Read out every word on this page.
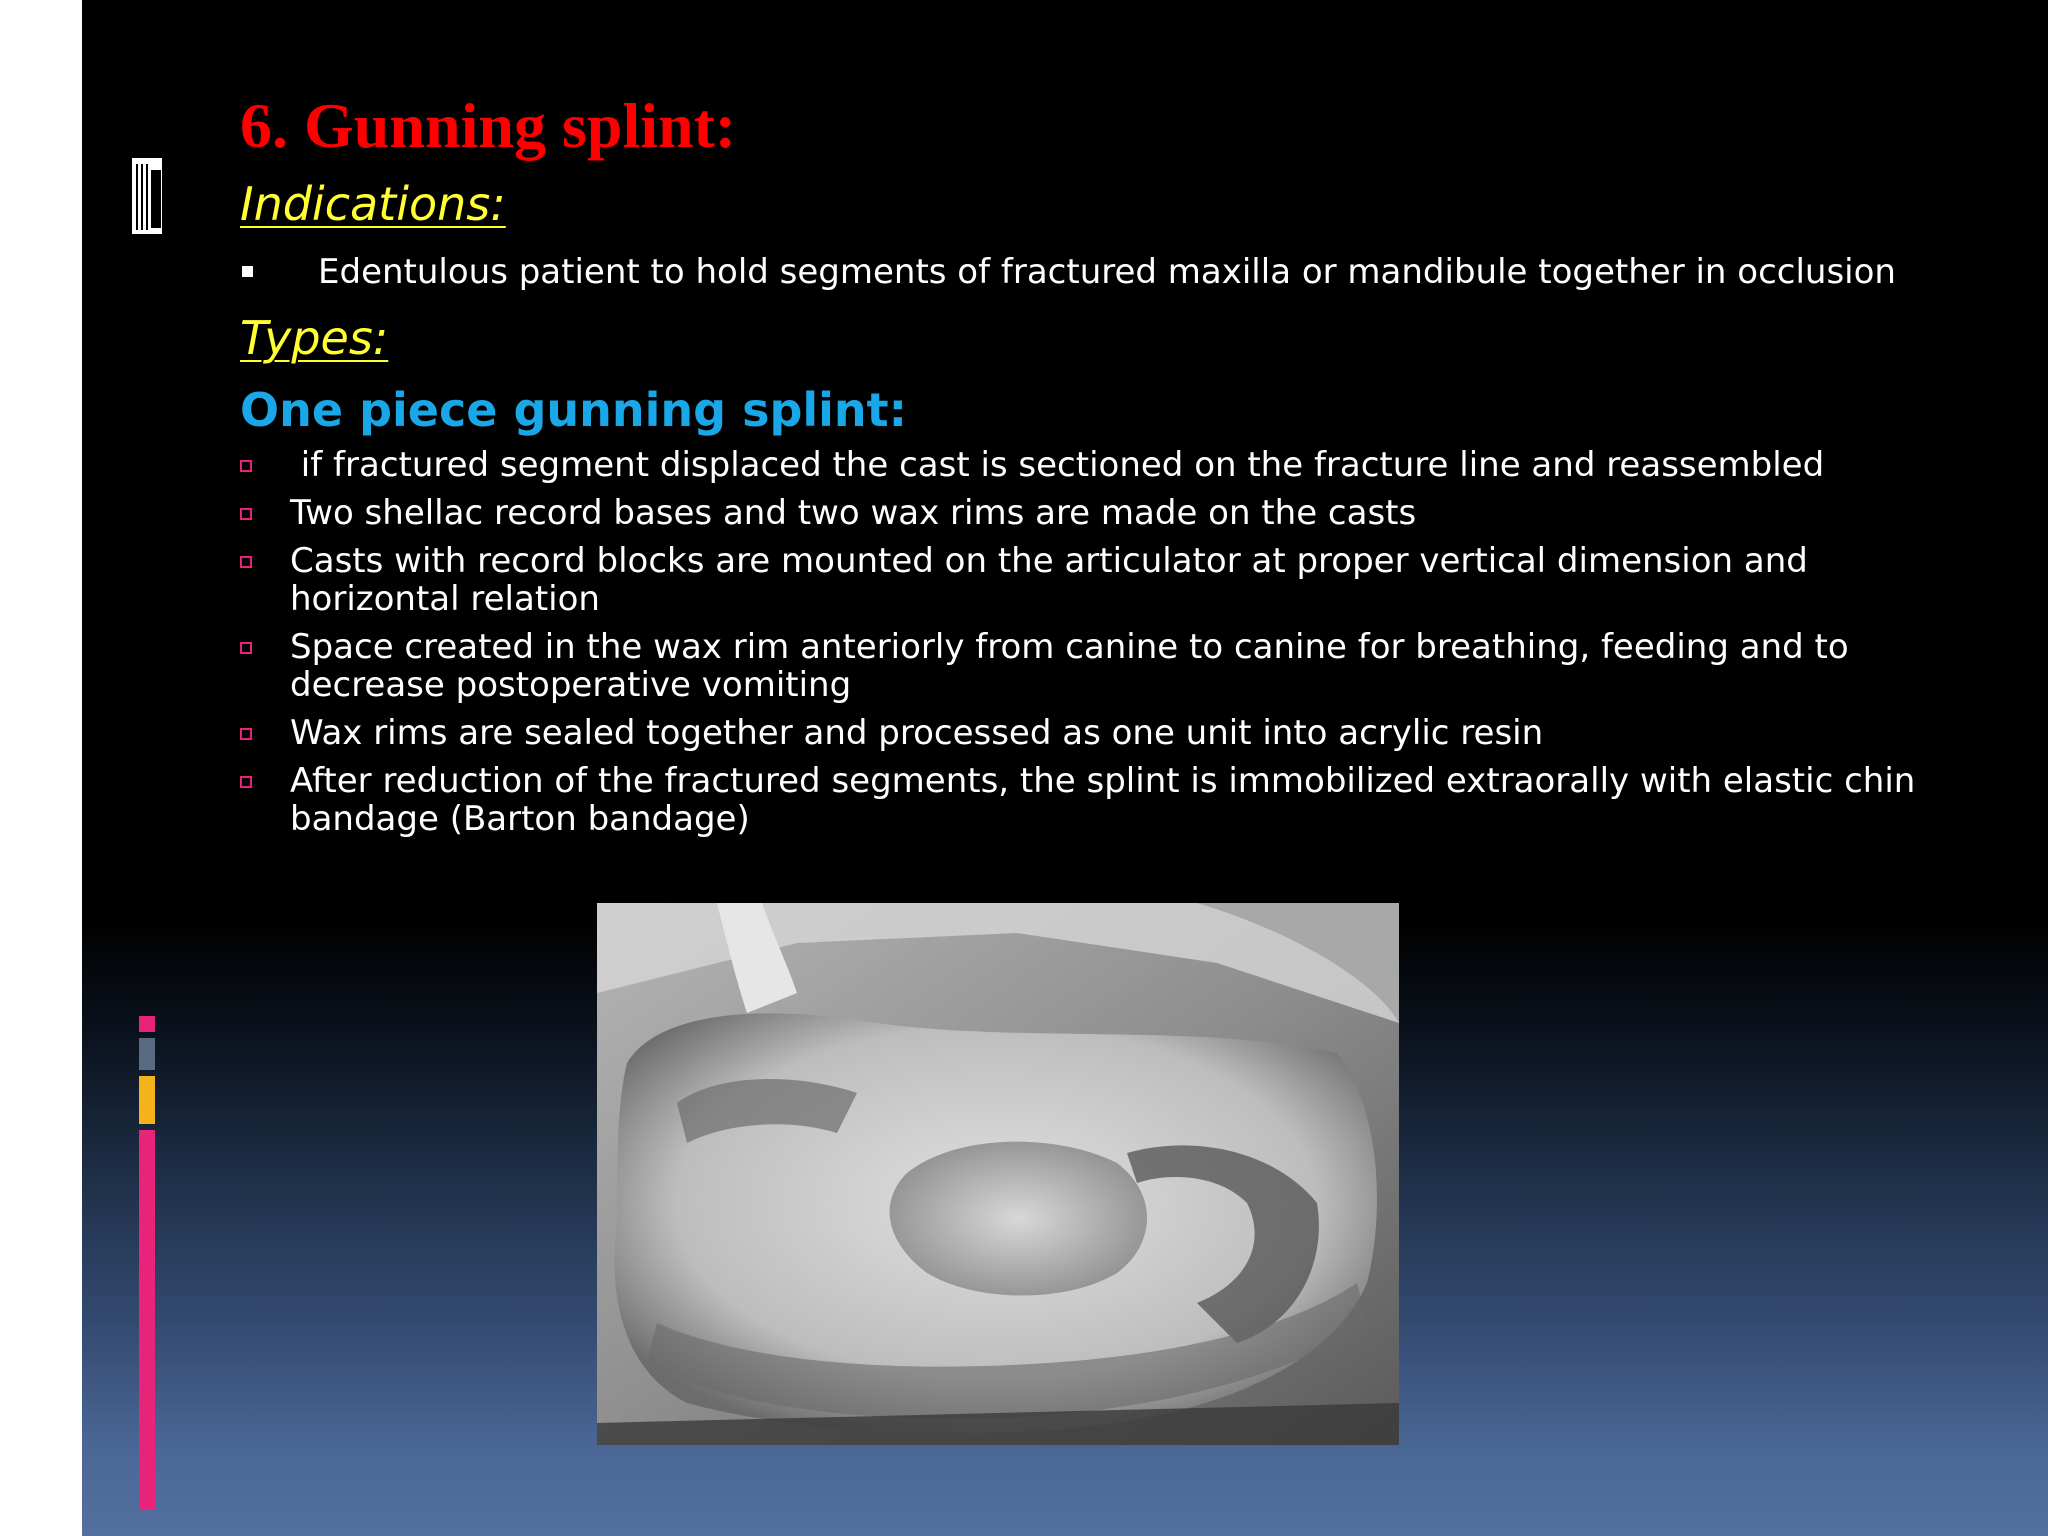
6. Gunning splint:
Indications:
Edentulous patient to hold segments of fractured maxilla or mandibule together in occlusion
Types:
One piece gunning splint:
if fractured segment displaced the cast is sectioned on the fracture line and reassembled
Two shellac record bases and two wax rims are made on the casts
Casts with record blocks are mounted on the articulator at proper vertical dimension and horizontal relation
Space created in the wax rim anteriorly from canine to canine for breathing, feeding and to decrease postoperative vomiting
Wax rims are sealed together and processed as one unit into acrylic resin
After reduction of the fractured segments, the splint is immobilized extraorally with elastic chin bandage (Barton bandage)
